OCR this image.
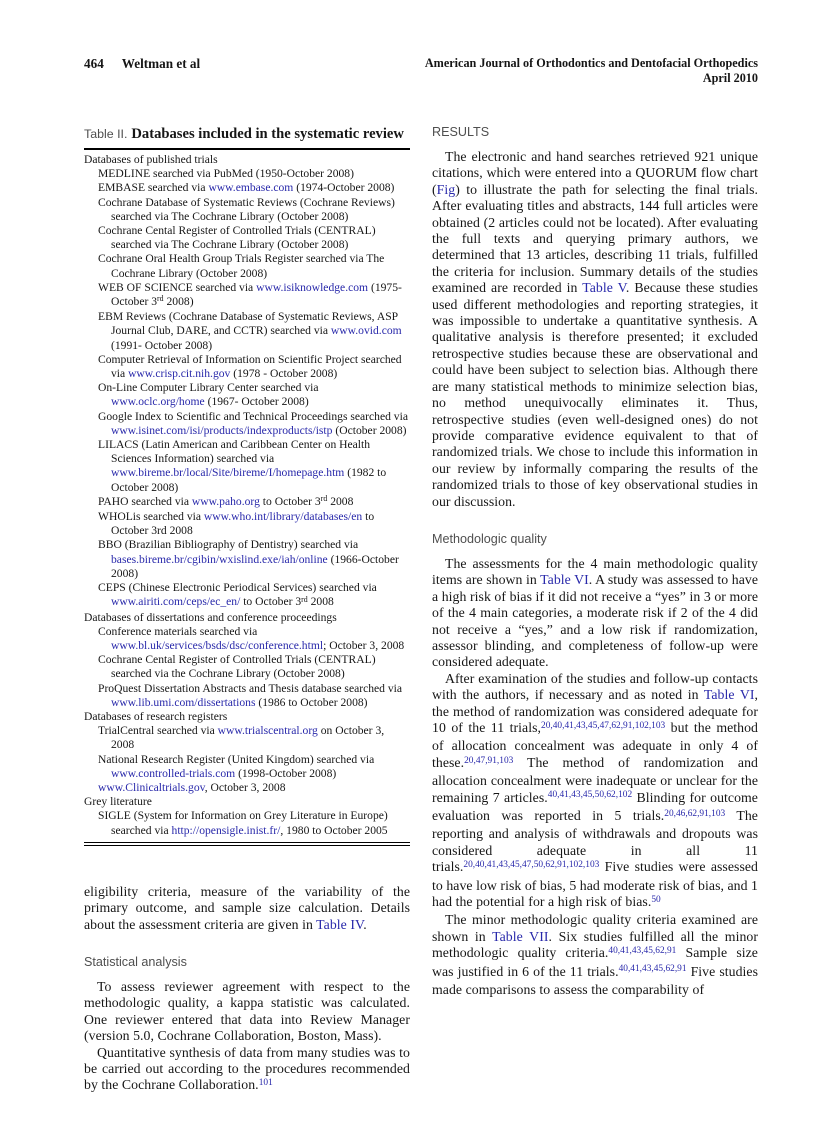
464 Weltman et al	American Journal of Orthodontics and Dentofacial Orthopedics
April 2010
Table II. Databases included in the systematic review
Databases of published trials
MEDLINE searched via PubMed (1950-October 2008)
EMBASE searched via www.embase.com (1974-October 2008)
Cochrane Database of Systematic Reviews (Cochrane Reviews) searched via The Cochrane Library (October 2008)
Cochrane Cental Register of Controlled Trials (CENTRAL) searched via The Cochrane Library (October 2008)
Cochrane Oral Health Group Trials Register searched via The Cochrane Library (October 2008)
WEB OF SCIENCE searched via www.isiknowledge.com (1975-October 3rd 2008)
EBM Reviews (Cochrane Database of Systematic Reviews, ASP Journal Club, DARE, and CCTR) searched via www.ovid.com (1991- October 2008)
Computer Retrieval of Information on Scientific Project searched via www.crisp.cit.nih.gov (1978 - October 2008)
On-Line Computer Library Center searched via www.oclc.org/home (1967- October 2008)
Google Index to Scientific and Technical Proceedings searched via www.isinet.com/isi/products/indexproducts/istp (October 2008)
LILACS (Latin American and Caribbean Center on Health Sciences Information) searched via www.bireme.br/local/Site/bireme/I/homepage.htm (1982 to October 2008)
PAHO searched via www.paho.org to October 3rd 2008
WHOLis searched via www.who.int/library/databases/en to October 3rd 2008
BBO (Brazilian Bibliography of Dentistry) searched via bases.bireme.br/cgibin/wxislind.exe/iah/online (1966-October 2008)
CEPS (Chinese Electronic Periodical Services) searched via www.airiti.com/ceps/ec_en/ to October 3rd 2008
Databases of dissertations and conference proceedings
Conference materials searched via www.bl.uk/services/bsds/dsc/conference.html; October 3, 2008
Cochrane Cental Register of Controlled Trials (CENTRAL) searched via the Cochrane Library (October 2008)
ProQuest Dissertation Abstracts and Thesis database searched via www.lib.umi.com/dissertations (1986 to October 2008)
Databases of research registers
TrialCentral searched via www.trialscentral.org on October 3, 2008
National Research Register (United Kingdom) searched via www.controlled-trials.com (1998-October 2008)
www.Clinicaltrials.gov, October 3, 2008
Grey literature
SIGLE (System for Information on Grey Literature in Europe) searched via http://opensigle.inist.fr/, 1980 to October 2005
eligibility criteria, measure of the variability of the primary outcome, and sample size calculation. Details about the assessment criteria are given in Table IV.
Statistical analysis
To assess reviewer agreement with respect to the methodologic quality, a kappa statistic was calculated. One reviewer entered that data into Review Manager (version 5.0, Cochrane Collaboration, Boston, Mass).
Quantitative synthesis of data from many studies was to be carried out according to the procedures recommended by the Cochrane Collaboration.$^{101}$
RESULTS
The electronic and hand searches retrieved 921 unique citations, which were entered into a QUORUM flow chart (Fig) to illustrate the path for selecting the final trials. After evaluating titles and abstracts, 144 full articles were obtained (2 articles could not be located). After evaluating the full texts and querying primary authors, we determined that 13 articles, describing 11 trials, fulfilled the criteria for inclusion. Summary details of the studies examined are recorded in Table V. Because these studies used different methodologies and reporting strategies, it was impossible to undertake a quantitative synthesis. A qualitative analysis is therefore presented; it excluded retrospective studies because these are observational and could have been subject to selection bias. Although there are many statistical methods to minimize selection bias, no method unequivocally eliminates it. Thus, retrospective studies (even well-designed ones) do not provide comparative evidence equivalent to that of randomized trials. We chose to include this information in our review by informally comparing the results of the randomized trials to those of key observational studies in our discussion.
Methodologic quality
The assessments for the 4 main methodologic quality items are shown in Table VI. A study was assessed to have a high risk of bias if it did not receive a “yes” in 3 or more of the 4 main categories, a moderate risk if 2 of the 4 did not receive a “yes,” and a low risk if randomization, assessor blinding, and completeness of follow-up were considered adequate.
After examination of the studies and follow-up contacts with the authors, if necessary and as noted in Table VI, the method of randomization was considered adequate for 10 of the 11 trials,$^{20,40,41,43,45,47,62,91,102,103}$ but the method of allocation concealment was adequate in only 4 of these.$^{20,47,91,103}$ The method of randomization and allocation concealment were inadequate or unclear for the remaining 7 articles.$^{40,41,43,45,50,62,102}$ Blinding for outcome evaluation was reported in 5 trials.$^{20,46,62,91,103}$ The reporting and analysis of withdrawals and dropouts was considered adequate in all 11 trials.$^{20,40,41,43,45,47,50,62,91,102,103}$ Five studies were assessed to have low risk of bias, 5 had moderate risk of bias, and 1 had the potential for a high risk of bias.$^{50}$
The minor methodologic quality criteria examined are shown in Table VII. Six studies fulfilled all the minor methodologic quality criteria.$^{40,41,43,45,62,91}$ Sample size was justified in 6 of the 11 trials.$^{40,41,43,45,62,91}$ Five studies made comparisons to assess the comparability of
